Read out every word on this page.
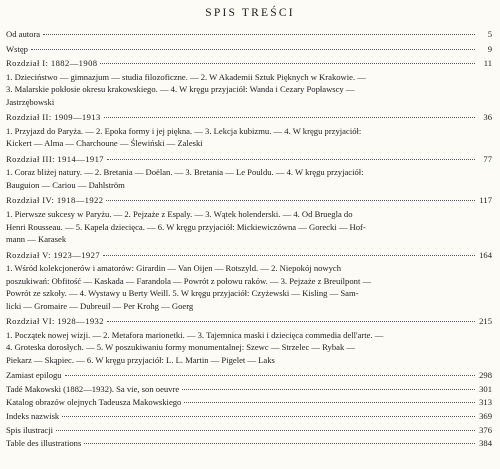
SPIS TREŚCI
Od autora	5
Wstęp	9
Rozdział I: 1882—1908	11
1. Dzieciństwo — gimnazjum — studia filozoficzne. — 2. W Akademii Sztuk Pięknych w Krakowie. —
3. Malarskie pokłosie okresu krakowskiego. — 4. W kręgu przyjaciół: Wanda i Cezary Popławscy —
Jastrzębowski
Rozdział II: 1909—1913	36
1. Przyjazd do Paryża. — 2. Epoka formy i jej piękna. — 3. Lekcja kubizmu. — 4. W kręgu przyjaciół:
Kickert — Alma — Charchoune — Ślewiński — Zaleski
Rozdział III: 1914—1917	77
1. Coraz bliżej natury. — 2. Bretania — Doëlan. — 3. Bretania — Le Pouldu. — 4. W kręgu przyjaciół:
Bauguion — Cariou — Dahlström
Rozdział IV: 1918—1922	117
1. Pierwsze sukcesy w Paryżu. — 2. Pejzaże z Espaly. — 3. Wątek holenderski. — 4. Od Bruegla do
Henri Rousseau. — 5. Kapela dziecięca. — 6. W kręgu przyjaciół: Mickiewiczówna — Gorecki — Hof-
mann — Karasek
Rozdział V: 1923—1927	164
1. Wśród kolekcjonerów i amatorów: Girardin — Van Oijen — Rotszyld. — 2. Niepokój nowych
poszukiwań: Obfitość — Kaskada — Farandola — Powrót z połowu raków. — 3. Pejzaże z Breuilpont —
Powrót ze szkoły. — 4. Wystawy u Berty Weill. 5. W kręgu przyjaciół: Czyżewski — Kisling — Sam-
licki — Gromaire — Dubreuil — Per Krohg — Goerg
Rozdział VI: 1928—1932	215
1. Początek nowej wizji. — 2. Metafora marionetki. — 3. Tajemnica maski i dziecięca commedia dell'arte. —
4. Groteska dorosłych. — 5. W poszukiwaniu formy monumentalnej: Szewc — Strzelec — Rybak —
Piekarz — Skąpiec. — 6. W kręgu przyjaciół: L. L. Martin — Pigelet — Laks
Zamiast epilogu	298
Tadé Makowski (1882—1932). Sa vie, son oeuvre	301
Katalog obrazów olejnych Tadeusza Makowskiego	313
Indeks nazwisk	369
Spis ilustracji	376
Table des illustrations	384
